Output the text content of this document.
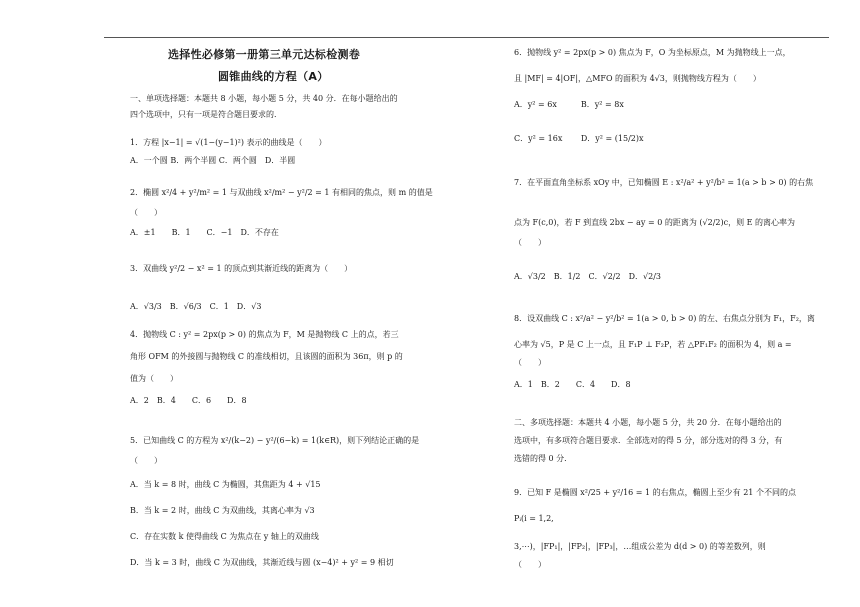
选择性必修第一册第三单元达标检测卷
圆锥曲线的方程（A）
一、单项选择题：本题共 8 小题，每小题 5 分，共 40 分．在每小题给出的
四个选项中，只有一项是符合题目要求的．
1．方程 |x−1| = √(1−(y−1)²) 表示的曲线是（　　）
A．一个圆 B．两个半圆 C．两个圆　D．半圆
2．椭圆 x²/4 + y²/m² = 1 与双曲线 x²/m² − y²/2 = 1 有相同的焦点，则 m 的值是
（　　）
A．±1　　B．1　　C．−1　D．不存在
3．双曲线 y²/2 − x² = 1 的顶点到其渐近线的距离为（　　）
A．√3/3　B．√6/3　C．1　D．√3
4．抛物线 C : y² = 2px(p > 0) 的焦点为 F，M 是抛物线 C 上的点，若三
角形 OFM 的外接圆与抛物线 C 的准线相切，且该圆的面积为 36π，则 p 的
值为（　　）
A．2　B．4　　C．6　　D．8
5．已知曲线 C 的方程为 x²/(k−2) − y²/(6−k) = 1(k∈R)，则下列结论正确的是
（　　）
A．当 k = 8 时，曲线 C 为椭圆，其焦距为 4 + √15
B．当 k = 2 时，曲线 C 为双曲线，其离心率为 √3
C．存在实数 k 使得曲线 C 为焦点在 y 轴上的双曲线
D．当 k = 3 时，曲线 C 为双曲线，其渐近线与圆 (x−4)² + y² = 9 相切
6．抛物线 y² = 2px(p > 0) 焦点为 F，O 为坐标原点，M 为抛物线上一点，
且 |MF| = 4|OF|，△MFO 的面积为 4√3，则抛物线方程为（　　）
A．y² = 6x　　　B．y² = 8x
C．y² = 16x　　 D．y² = (15/2)x
7．在平面直角坐标系 xOy 中，已知椭圆 E : x²/a² + y²/b² = 1(a > b > 0) 的右焦
点为 F(c,0)，若 F 到直线 2bx − ay = 0 的距离为 (√2/2)c，则 E 的离心率为
（　　）
A．√3/2　B．1/2　C．√2/2　D．√2/3
8．设双曲线 C : x²/a² − y²/b² = 1(a > 0, b > 0) 的左、右焦点分别为 F₁，F₂，离
心率为 √5，P 是 C 上一点，且 F₁P ⊥ F₂P，若 △PF₁F₂ 的面积为 4，则 a =
（　　）
A．1　B．2　　C．4　　D．8
二、多项选择题：本题共 4 小题，每小题 5 分，共 20 分．在每小题给出的
选项中，有多项符合题目要求．全部选对的得 5 分，部分选对的得 3 分，有
选错的得 0 分．
9．已知 F 是椭圆 x²/25 + y²/16 = 1 的右焦点，椭圆上至少有 21 个不同的点
Pᵢ(i = 1,2,
3,⋯)，|FP₁|，|FP₂|，|FP₃|，…组成公差为 d(d > 0) 的等差数列，则
（　　）
